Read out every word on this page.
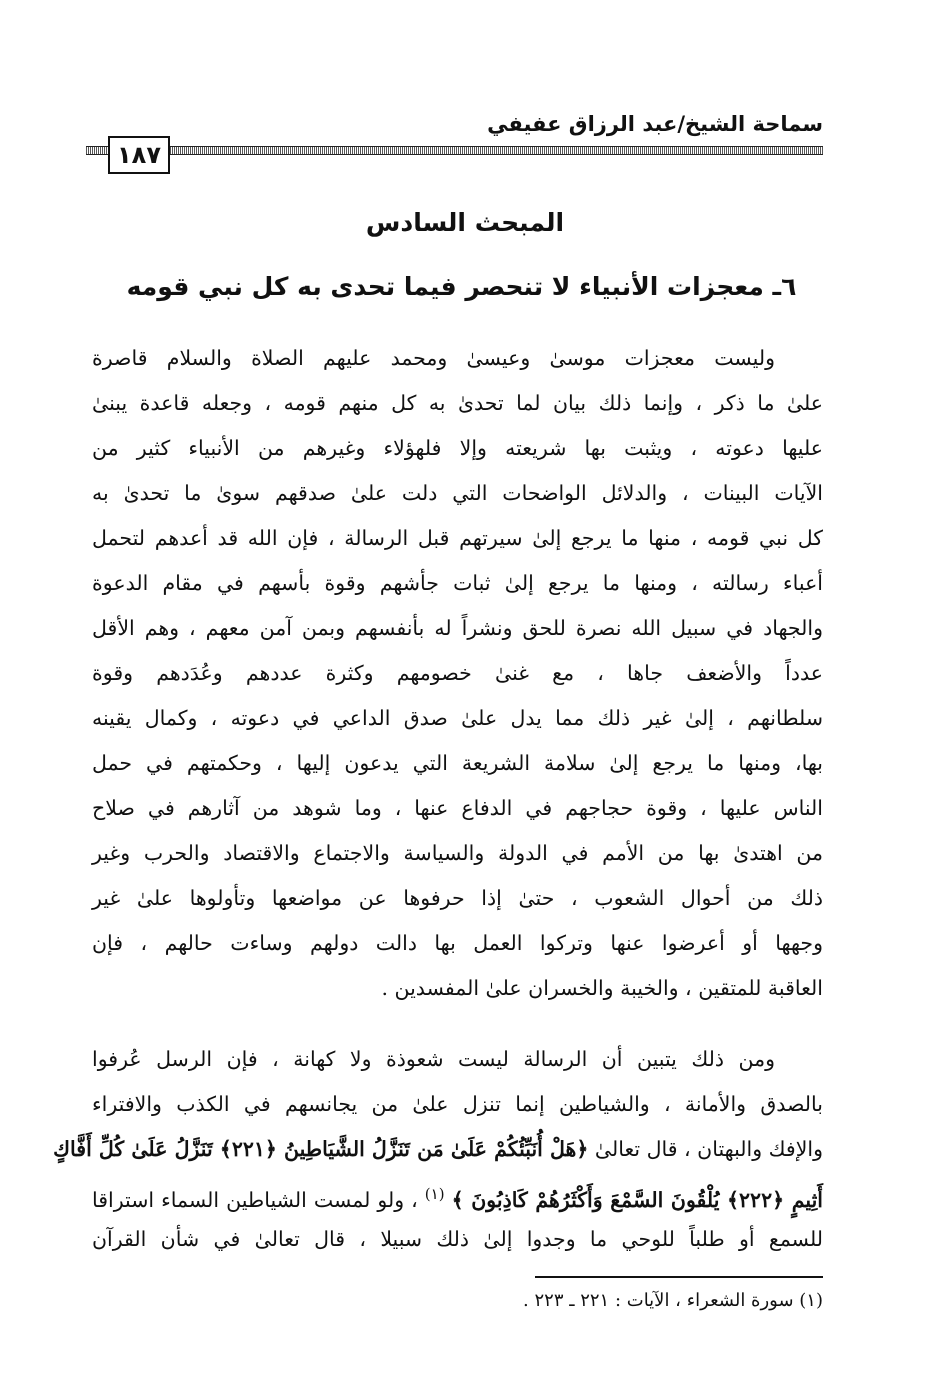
سماحة الشيخ/عبد الرزاق عفيفي
١٨٧
المبحث السادس
٦ـ معجزات الأنبياء لا تنحصر فيما تحدى به كل نبي قومه
وليست معجزات موسىٰ وعيسىٰ ومحمد عليهم الصلاة والسلام قاصرة
علىٰ ما ذكر ، وإنما ذلك بيان لما تحدىٰ به كل منهم قومه ، وجعله قاعدة يبنىٰ
عليها دعوته ، ويثبت بها شريعته وإلا فلهؤلاء وغيرهم من الأنبياء كثير من
الآيات البينات ، والدلائل الواضحات التي دلت علىٰ صدقهم سوىٰ ما تحدىٰ به
كل نبي قومه ، منها ما يرجع إلىٰ سيرتهم قبل الرسالة ، فإن الله قد أعدهم لتحمل
أعباء رسالته ، ومنها ما يرجع إلىٰ ثبات جأشهم وقوة بأسهم في مقام الدعوة
والجهاد في سبيل الله نصرة للحق ونشراً له بأنفسهم وبمن آمن معهم ، وهم الأقل
عدداً والأضعف جاها ، مع غنىٰ خصومهم وكثرة عددهم وعُدَدهم وقوة
سلطانهم ، إلىٰ غير ذلك مما يدل علىٰ صدق الداعي في دعوته ، وكمال يقينه
بها، ومنها ما يرجع إلىٰ سلامة الشريعة التي يدعون إليها ، وحكمتهم في حمل
الناس عليها ، وقوة حجاجهم في الدفاع عنها ، وما شوهد من آثارهم في صلاح
من اهتدىٰ بها من الأمم في الدولة والسياسة والاجتماع والاقتصاد والحرب وغير
ذلك من أحوال الشعوب ، حتىٰ إذا حرفوها عن مواضعها وتأولوها علىٰ غير
وجهها أو أعرضوا عنها وتركوا العمل بها دالت دولهم وساءت حالهم ، فإن
العاقبة للمتقين ، والخيبة والخسران علىٰ المفسدين .
ومن ذلك يتبين أن الرسالة ليست شعوذة ولا كهانة ، فإن الرسل عُرفوا
بالصدق والأمانة ، والشياطين إنما تنزل علىٰ من يجانسهم في الكذب والافتراء
والإفك والبهتان ، قال تعالىٰ ﴿هَلْ أُنَبِّئُكُمْ عَلَىٰ مَن تَنَزَّلُ الشَّيَاطِينُ ﴿٢٢١﴾ تَنَزَّلُ عَلَىٰ كُلِّ أَفَّاكٍ
أَثِيمٍ ﴿٢٢٢﴾ يُلْقُونَ السَّمْعَ وَأَكْثَرُهُمْ كَاذِبُونَ ﴾ $^{(١)}$ ، ولو لمست الشياطين السماء استراقا
للسمع أو طلباً للوحي ما وجدوا إلىٰ ذلك سبيلا ، قال تعالىٰ في شأن القرآن
(١) سورة الشعراء ، الآيات : ٢٢١ ـ ٢٢٣ .
